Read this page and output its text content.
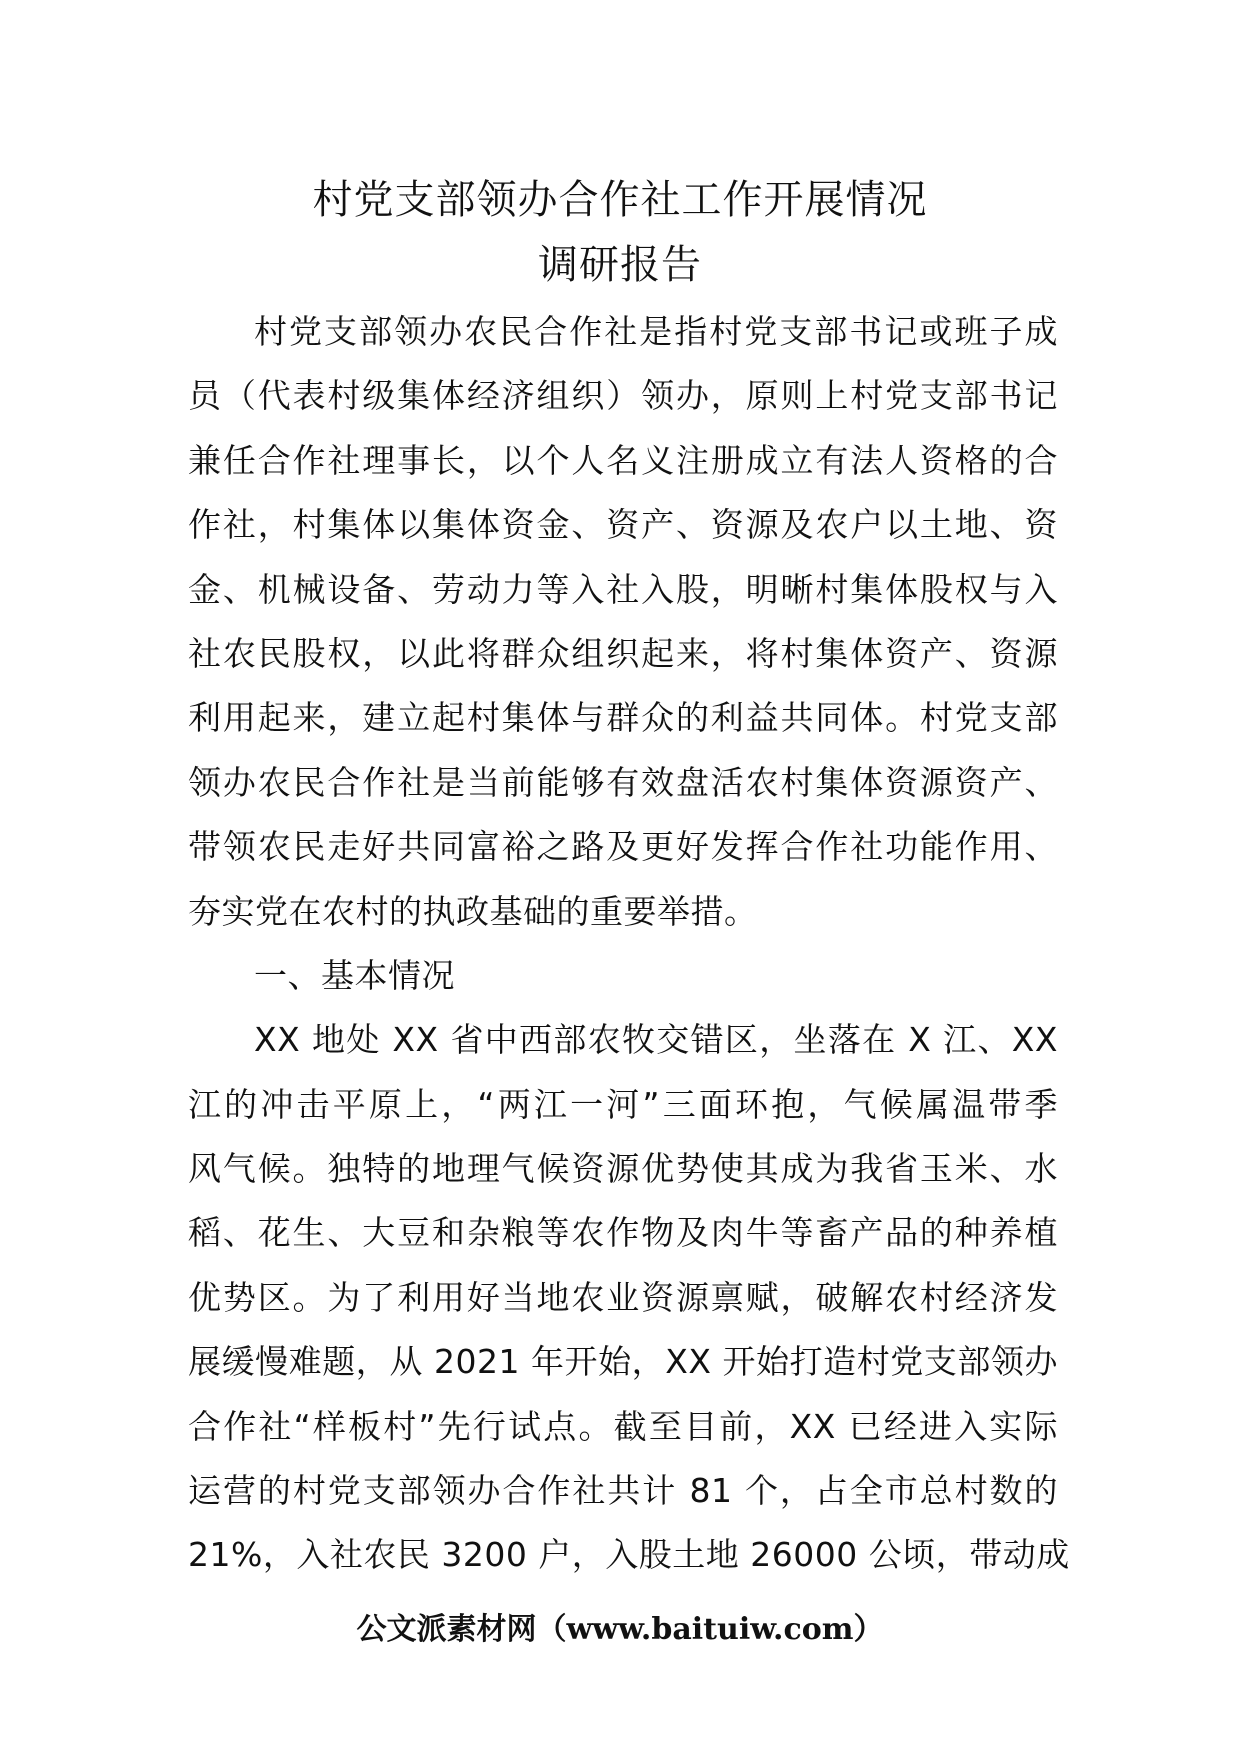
村党支部领办合作社工作开展情况
调研报告
村党支部领办农民合作社是指村党支部书记或班子成
员（代表村级集体经济组织）领办，原则上村党支部书记
兼任合作社理事长，以个人名义注册成立有法人资格的合
作社，村集体以集体资金、资产、资源及农户以土地、资
金、机械设备、劳动力等入社入股，明晰村集体股权与入
社农民股权，以此将群众组织起来，将村集体资产、资源
利用起来，建立起村集体与群众的利益共同体。村党支部
领办农民合作社是当前能够有效盘活农村集体资源资产、
带领农民走好共同富裕之路及更好发挥合作社功能作用、
夯实党在农村的执政基础的重要举措。
一、基本情况
XX 地处 XX 省中西部农牧交错区，坐落在 X 江、XX
江的冲击平原上，“两江一河”三面环抱，气候属温带季
风气候。独特的地理气候资源优势使其成为我省玉米、水
稻、花生、大豆和杂粮等农作物及肉牛等畜产品的种养植
优势区。为了利用好当地农业资源禀赋，破解农村经济发
展缓慢难题，从 2021 年开始，XX 开始打造村党支部领办
合作社“样板村”先行试点。截至目前，XX 已经进入实际
运营的村党支部领办合作社共计 81 个，占全市总村数的
21%，入社农民 3200 户，入股土地 26000 公顷，带动成
公文派素材网（www.baituiw.com）
